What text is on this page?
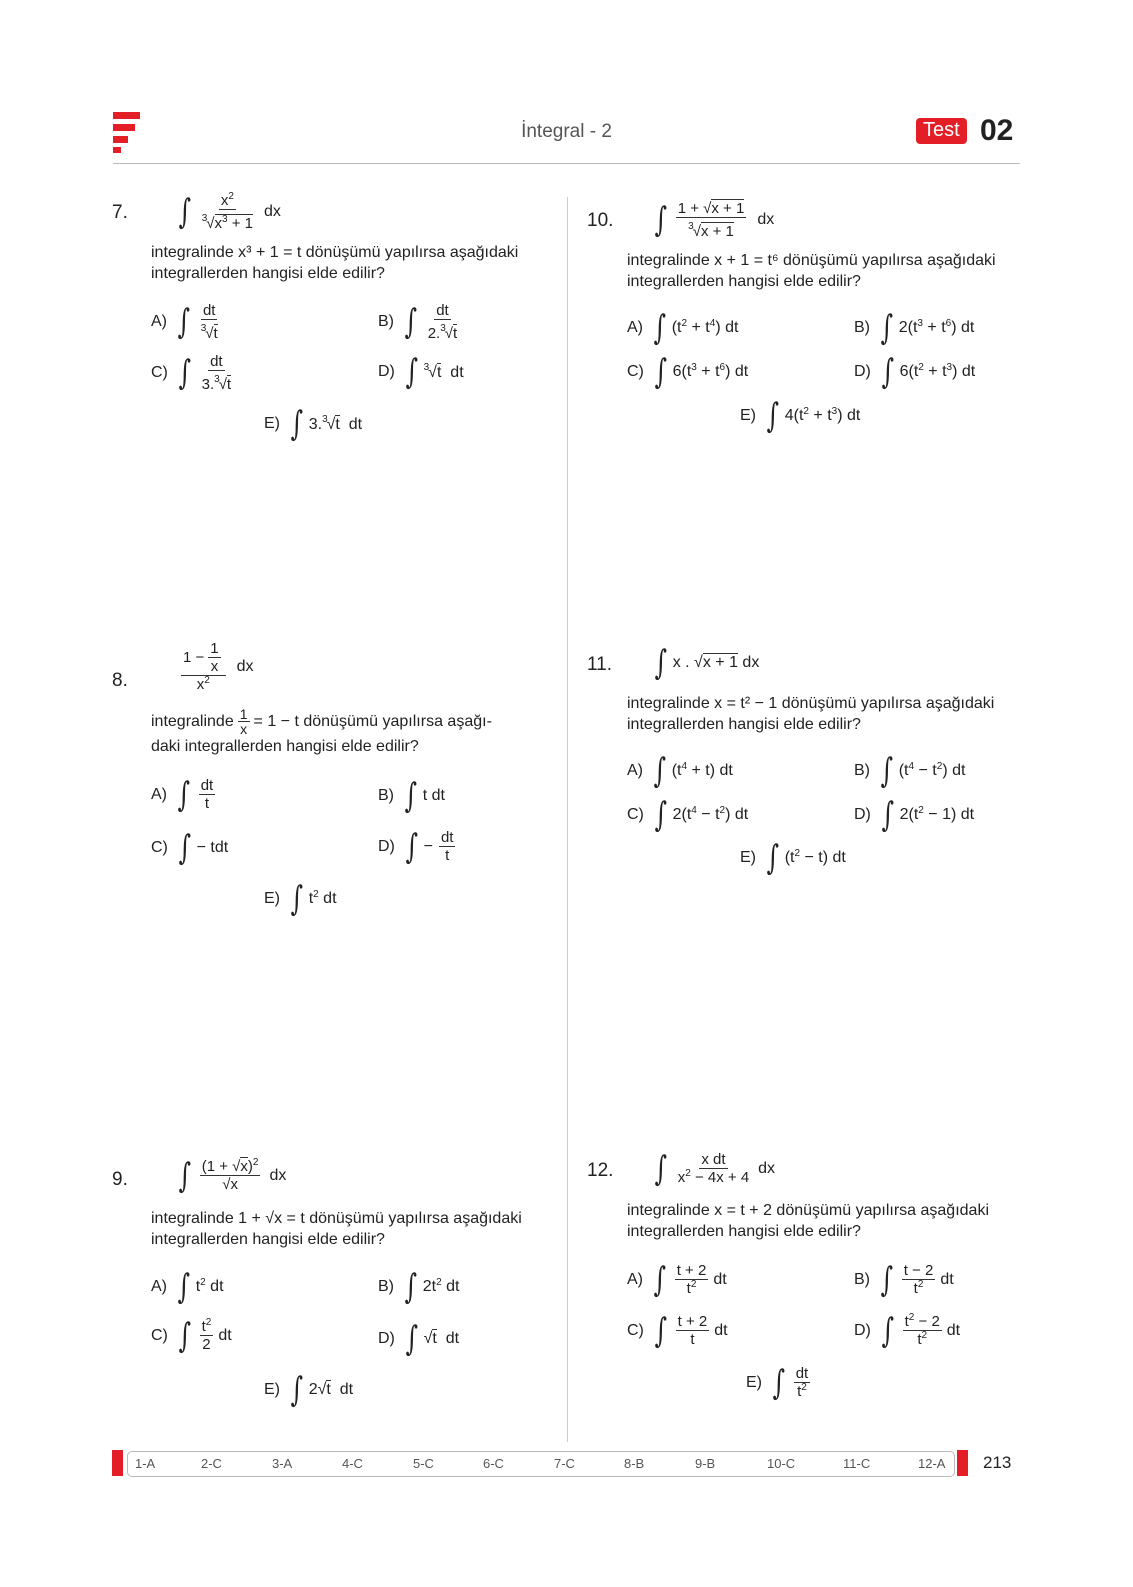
İntegral - 2	Test 02
7. ∫ $\frac{x^2}{^3√x^3 + 1}$ dx
integralinde x³ + 1 = t dönüşümü yapılırsa aşağıdaki integrallerden hangisi elde edilir?
A) ∫ $\frac{dt}{^3√t}$	B) ∫ $\frac{dt}{2.^3√t}$
C) ∫ $\frac{dt}{3.^3√t}$	D) ∫ $^3$√t  dt
E) ∫ 3.$^3$√t  dt
8.	$\frac{1 - \frac{1}{x}}{x^2}$ dx
integralinde $\frac{1}{x} = 1 - t$ dönüşümü yapılırsa aşağı-
daki integrallerden hangisi elde edilir?
A) ∫ $\frac{dt}{t}$	B) ∫ t dt
C) ∫ − tdt	D) ∫ − $\frac{dt}{t}$
E) ∫ $t^2$ dt
9. ∫ $\frac{(1 + √x)^2}{√x}$ dx
integralinde 1 + √x = t dönüşümü yapılırsa aşağıdaki integrallerden hangisi elde edilir?
A) ∫ $t^2$ dt	B) ∫ $2t^2$ dt
C) ∫ $\frac{t^2}{2}$ dt	D) ∫ √t  dt
E) ∫ 2√t  dt
10. ∫ $\frac{1 + √x + 1}{^3√x + 1}$ dx
integralinde x + 1 = t⁶ dönüşümü yapılırsa aşağıdaki integrallerden hangisi elde edilir?
A) ∫ $(t^2 + t^4)$ dt	B) ∫ $2(t^3 + t^6)$ dt
C) ∫ $6(t^3 + t^6)$ dt	D) ∫ $6(t^2 + t^3)$ dt
E) ∫ $4(t^2 + t^3)$ dt
11. ∫ x . √x + 1 dx
integralinde x = t² − 1 dönüşümü yapılırsa aşağıdaki integrallerden hangisi elde edilir?
A) ∫ $(t^4 + t)$ dt	B) ∫ $(t^4 - t^2)$ dt
C) ∫ $2(t^4 - t^2)$ dt	D) ∫ $2(t^2 - 1)$ dt
E) ∫ $(t^2 - t)$ dt
12. ∫ $\frac{\text{x dt}}{x^2 - 4x + 4}$ dx
integralinde x = t + 2 dönüşümü yapılırsa aşağıdaki integrallerden hangisi elde edilir?
A) ∫ $\frac{t + 2}{t^2}$ dt	B) ∫ $\frac{t - 2}{t^2}$ dt
C) ∫ $\frac{t + 2}{t}$ dt	D) ∫ $\frac{t^2 - 2}{t^2}$ dt
E) ∫ $\frac{dt}{t^2}$
1-A	2-C	3-A	4-C	5-C	6-C	7-C	8-B	9-B	10-C	11-C	12-A 213
